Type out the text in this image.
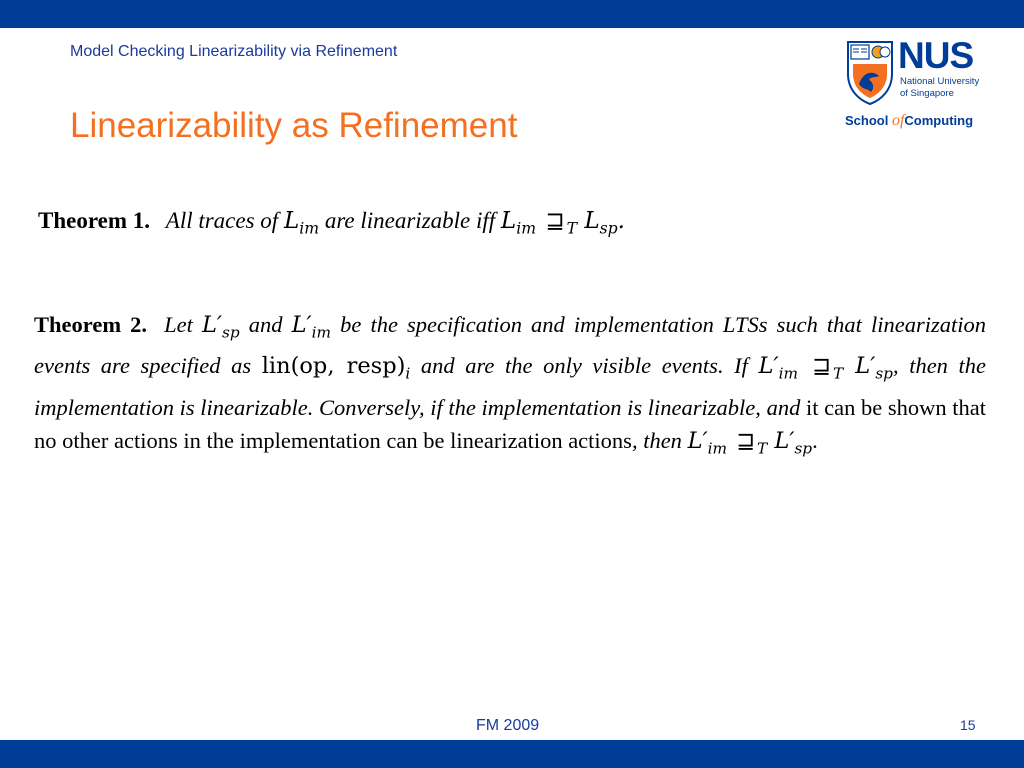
Model Checking Linearizability via Refinement
Linearizability as Refinement
NUS
National University
of Singapore
School ofComputing
Theorem 1. All traces of $L_{im}$ are linearizable iff $L_{im}$ ⊒ $_T$ $L_{sp}$.
Theorem 2. Let $L'_{sp}$ and $L'_{im}$ be the specification and implementation LTSs such that linearization events are specified as lin(op, $resp)_i$ and are the only visible events. If $L'_{im}$ ⊒ $_T$ $L'_{sp}$, then the implementation is linearizable. Conversely, if the implementation is linearizable, and it can be shown that no other actions in the implementation can be linearization actions, then $L'_{im}$ ⊒ $_T$ $L'_{sp}$.
FM 2009	15
